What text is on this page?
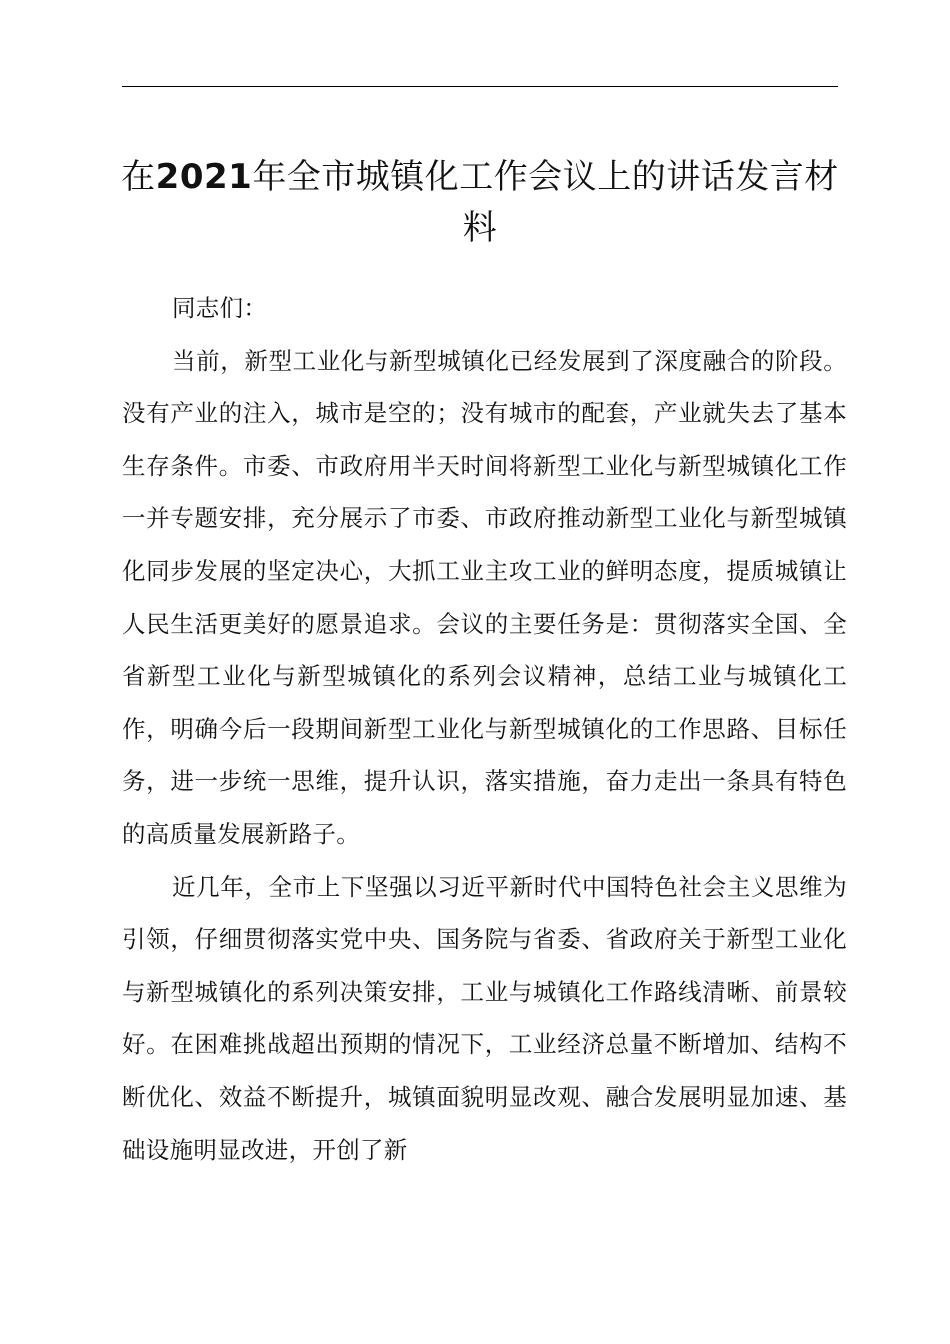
在2021年全市城镇化工作会议上的讲话发言材料

同志们：

当前，新型工业化与新型城镇化已经发展到了深度融合的阶段。没有产业的注入，城市是空的；没有城市的配套，产业就失去了基本生存条件。市委、市政府用半天时间将新型工业化与新型城镇化工作一并专题安排，充分展示了市委、市政府推动新型工业化与新型城镇化同步发展的坚定决心，大抓工业主攻工业的鲜明态度，提质城镇让人民生活更美好的愿景追求。会议的主要任务是：贯彻落实全国、全省新型工业化与新型城镇化的系列会议精神，总结工业与城镇化工作，明确今后一段期间新型工业化与新型城镇化的工作思路、目标任务，进一步统一思维，提升认识，落实措施，奋力走出一条具有特色的高质量发展新路子。

近几年，全市上下坚强以习近平新时代中国特色社会主义思维为引领，仔细贯彻落实党中央、国务院与省委、省政府关于新型工业化与新型城镇化的系列决策安排，工业与城镇化工作路线清晰、前景较好。在困难挑战超出预期的情况下，工业经济总量不断增加、结构不断优化、效益不断提升，城镇面貌明显改观、融合发展明显加速、基础设施明显改进，开创了新
